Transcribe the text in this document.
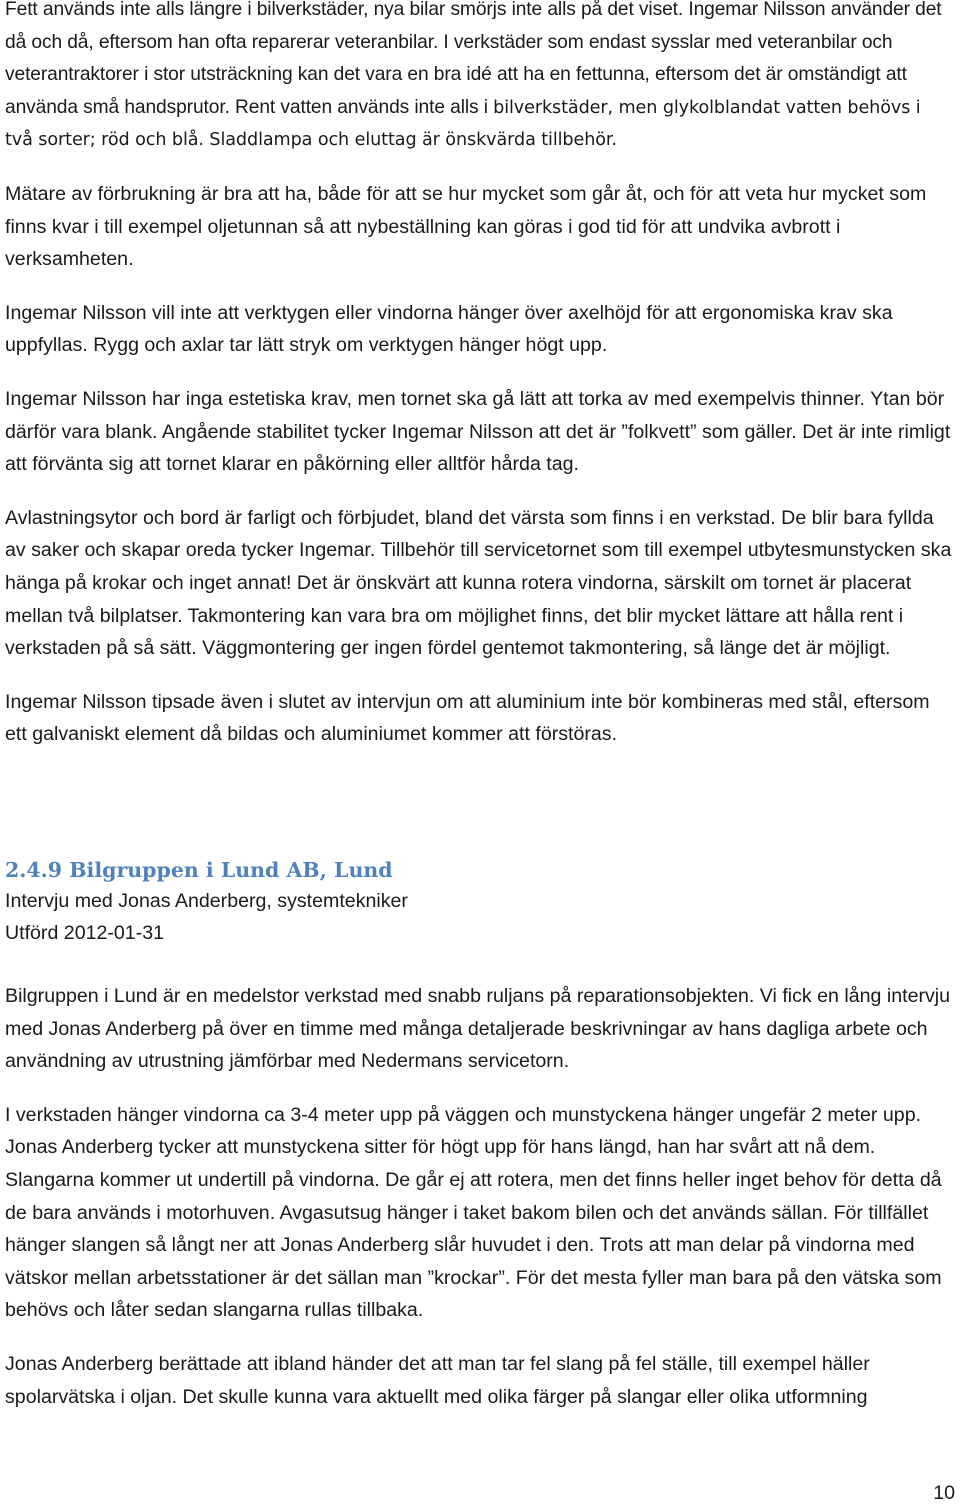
Fett används inte alls längre i bilverkstäder, nya bilar smörjs inte alls på det viset. Ingemar Nilsson använder det då och då, eftersom han ofta reparerar veteranbilar. I verkstäder som endast sysslar med veteranbilar och veterantraktorer i stor utsträckning kan det vara en bra idé att ha en fettunna, eftersom det är omständigt att använda små handsprutor. Rent vatten används inte alls i bilverkstäder, men glykolblandat vatten behövs i två sorter; röd och blå. Sladdlampa och eluttag är önskvärda tillbehör.

Mätare av förbrukning är bra att ha, både för att se hur mycket som går åt, och för att veta hur mycket som finns kvar i till exempel oljetunnan så att nybeställning kan göras i god tid för att undvika avbrott i verksamheten.

Ingemar Nilsson vill inte att verktygen eller vindorna hänger över axelhöjd för att ergonomiska krav ska uppfyllas. Rygg och axlar tar lätt stryk om verktygen hänger högt upp.

Ingemar Nilsson har inga estetiska krav, men tornet ska gå lätt att torka av med exempelvis thinner. Ytan bör därför vara blank. Angående stabilitet tycker Ingemar Nilsson att det är ”folkvett” som gäller. Det är inte rimligt att förvänta sig att tornet klarar en påkörning eller alltför hårda tag.

Avlastningsytor och bord är farligt och förbjudet, bland det värsta som finns i en verkstad. De blir bara fyllda av saker och skapar oreda tycker Ingemar. Tillbehör till servicetornet som till exempel utbytesmunstycken ska hänga på krokar och inget annat! Det är önskvärt att kunna rotera vindorna, särskilt om tornet är placerat mellan två bilplatser. Takmontering kan vara bra om möjlighet finns, det blir mycket lättare att hålla rent i verkstaden på så sätt. Väggmontering ger ingen fördel gentemot takmontering, så länge det är möjligt.

Ingemar Nilsson tipsade även i slutet av intervjun om att aluminium inte bör kombineras med stål, eftersom ett galvaniskt element då bildas och aluminiumet kommer att förstöras.

2.4.9 Bilgruppen i Lund AB, Lund

Intervju med Jonas Anderberg, systemtekniker

Utförd 2012-01-31

Bilgruppen i Lund är en medelstor verkstad med snabb ruljans på reparationsobjekten. Vi fick en lång intervju med Jonas Anderberg på över en timme med många detaljerade beskrivningar av hans dagliga arbete och användning av utrustning jämförbar med Nedermans servicetorn.

I verkstaden hänger vindorna ca 3-4 meter upp på väggen och munstyckena hänger ungefär 2 meter upp. Jonas Anderberg tycker att munstyckena sitter för högt upp för hans längd, han har svårt att nå dem. Slangarna kommer ut undertill på vindorna. De går ej att rotera, men det finns heller inget behov för detta då de bara används i motorhuven. Avgasutsug hänger i taket bakom bilen och det används sällan. För tillfället hänger slangen så långt ner att Jonas Anderberg slår huvudet i den. Trots att man delar på vindorna med vätskor mellan arbetsstationer är det sällan man ”krockar”. För det mesta fyller man bara på den vätska som behövs och låter sedan slangarna rullas tillbaka.

Jonas Anderberg berättade att ibland händer det att man tar fel slang på fel ställe, till exempel häller spolarvätska i oljan. Det skulle kunna vara aktuellt med olika färger på slangar eller olika utformning

10
